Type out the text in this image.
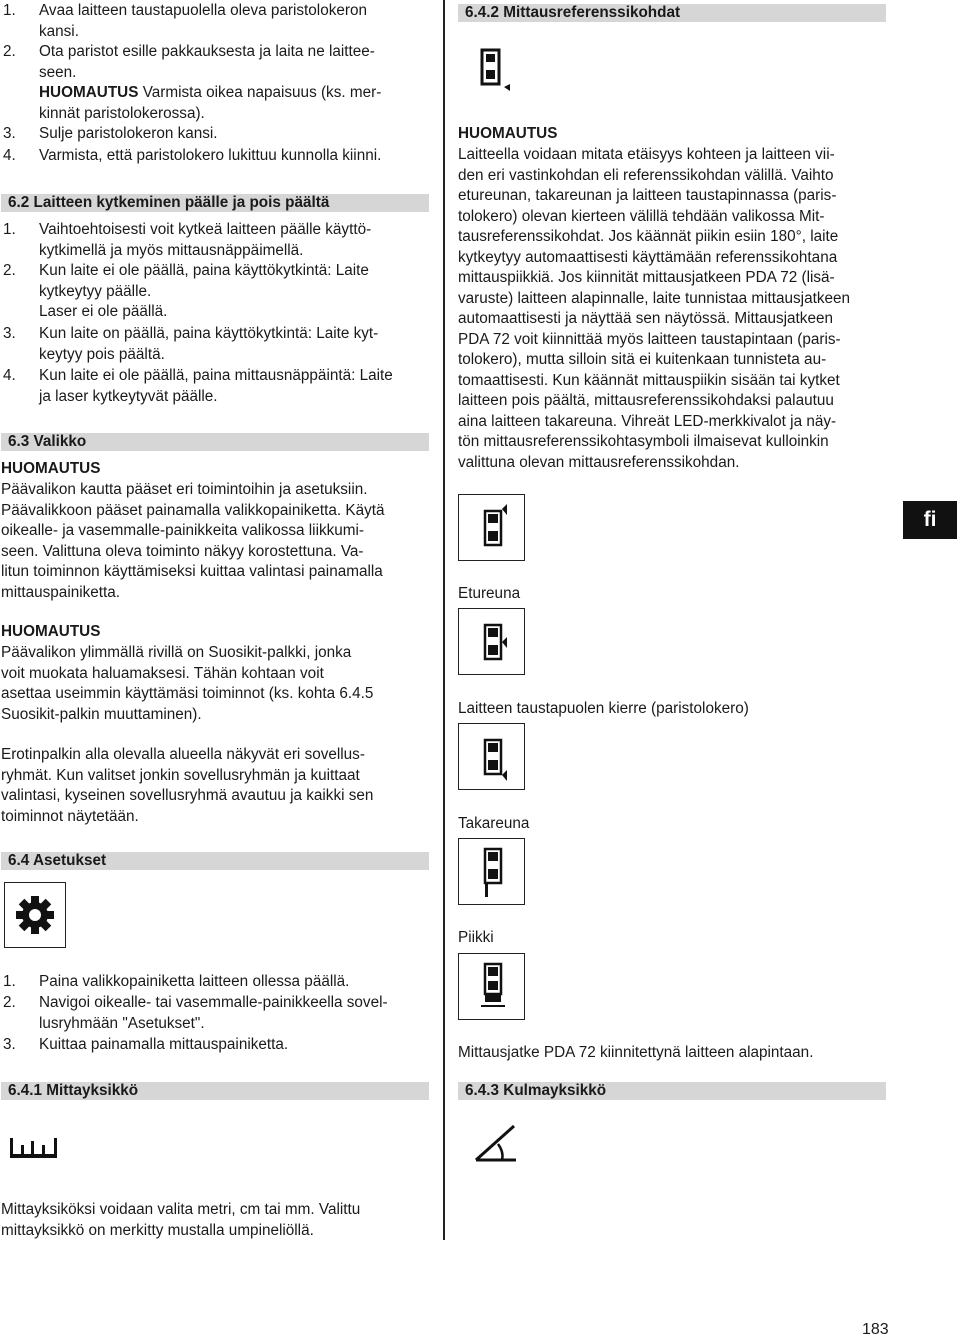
1. Avaa laitteen taustapuolella oleva paristolokeron
kansi.

2. Ota paristot esille pakkauksesta ja laita ne laittee-
seen.

HUOMAUTUS Varmista oikea napaisuus (ks. mer-
kinnät paristolokerossa).

3. Sulje paristolokeron kansi.

4. Varmista, että paristolokero lukittuu kunnolla kiinni.

6.2 Laitteen kytkeminen päälle ja pois päältä
1. Vaihtoehtoisesti voit kytkeä laitteen päälle käyttö-
kytkimellä ja myös mittausnäppäimellä.

2. Kun laite ei ole päällä, paina käyttökytkintä: Laite
kytkeytyy päälle.
Laser ei ole päällä.

3. Kun laite on päällä, paina käyttökytkintä: Laite kyt-
keytyy pois päältä.

4. Kun laite ei ole päällä, paina mittausnäppäintä: Laite
ja laser kytkeytyvät päälle.

6.3 Valikko

HUOMAUTUS

Päävalikon kautta pääset eri toimintoihin ja asetuksiin.
Päävalikkoon pääset painamalla valikkopainiketta. Käytä
oikealle- ja vasemmalle-painikkeita valikossa liikkumi-
seen. Valittuna oleva toiminto näkyy korostettuna. Va-
litun toiminnon käyttämiseksi kuittaa valintasi painamalla
mittauspainiketta.

HUOMAUTUS

Päävalikon ylimmällä rivillä on Suosikit-palkki, jonka
voit muokata haluamaksesi. Tähän kohtaan voit
asettaa useimmin käyttämäsi toiminnot (ks. kohta 6.4.5
Suosikit-palkin muuttaminen).

Erotinpalkin alla olevalla alueella näkyvät eri sovellus-
ryhmät. Kun valitset jonkin sovellusryhmän ja kuittaat
valintasi, kyseinen sovellusryhmä avautuu ja kaikki sen
toiminnot näytetään.

6.4 Asetukset
1. Paina valikkopainiketta laitteen ollessa päällä.

2. Navigoi oikealle- tai vasemmalle-painikkeella sovel-
lusryhmään "Asetukset".

3. Kuittaa painamalla mittauspainiketta.

6.4.1 Mittayksikkö

Mittayksiköksi voidaan valita metri, cm tai mm. Valittu
mittayksikkö on merkitty mustalla umpineliöllä.

6.4.2 Mittausreferenssikohdat

HUOMAUTUS

Laitteella voidaan mitata etäisyys kohteen ja laitteen vii-
den eri vastinkohdan eli referenssikohdan välillä. Vaihto
etureunan, takareunan ja laitteen taustapinnassa (paris-
tolokero) olevan kierteen välillä tehdään valikossa Mit-
tausreferenssikohdat. Jos käännät piikin esiin 180°, laite
kytkeytyy automaattisesti käyttämään referenssikohtana
mittauspiikkiä. Jos kiinnität mittausjatkeen PDA 72 (lisä-
varuste) laitteen alapinnalle, laite tunnistaa mittausjatkeen
automaattisesti ja näyttää sen näytössä. Mittausjatkeen
PDA 72 voit kiinnittää myös laitteen taustapintaan (paris-
tolokero), mutta silloin sitä ei kuitenkaan tunnisteta au-
tomaattisesti. Kun käännät mittauspiikin sisään tai kytket
laitteen pois päältä, mittausreferenssikohdaksi palautuu
aina laitteen takareuna. Vihreät LED-merkkivalot ja näy-
tön mittausreferenssikohtasymboli ilmaisevat kulloinkin
valittuna olevan mittausreferenssikohdan.

Etureuna

Laitteen taustapuolen kierre (paristolokero)

Takareuna

Piikki

Mittausjatke PDA 72 kiinnitettynä laitteen alapintaan.

6.4.3 Kulmayksikkö
fi
183
